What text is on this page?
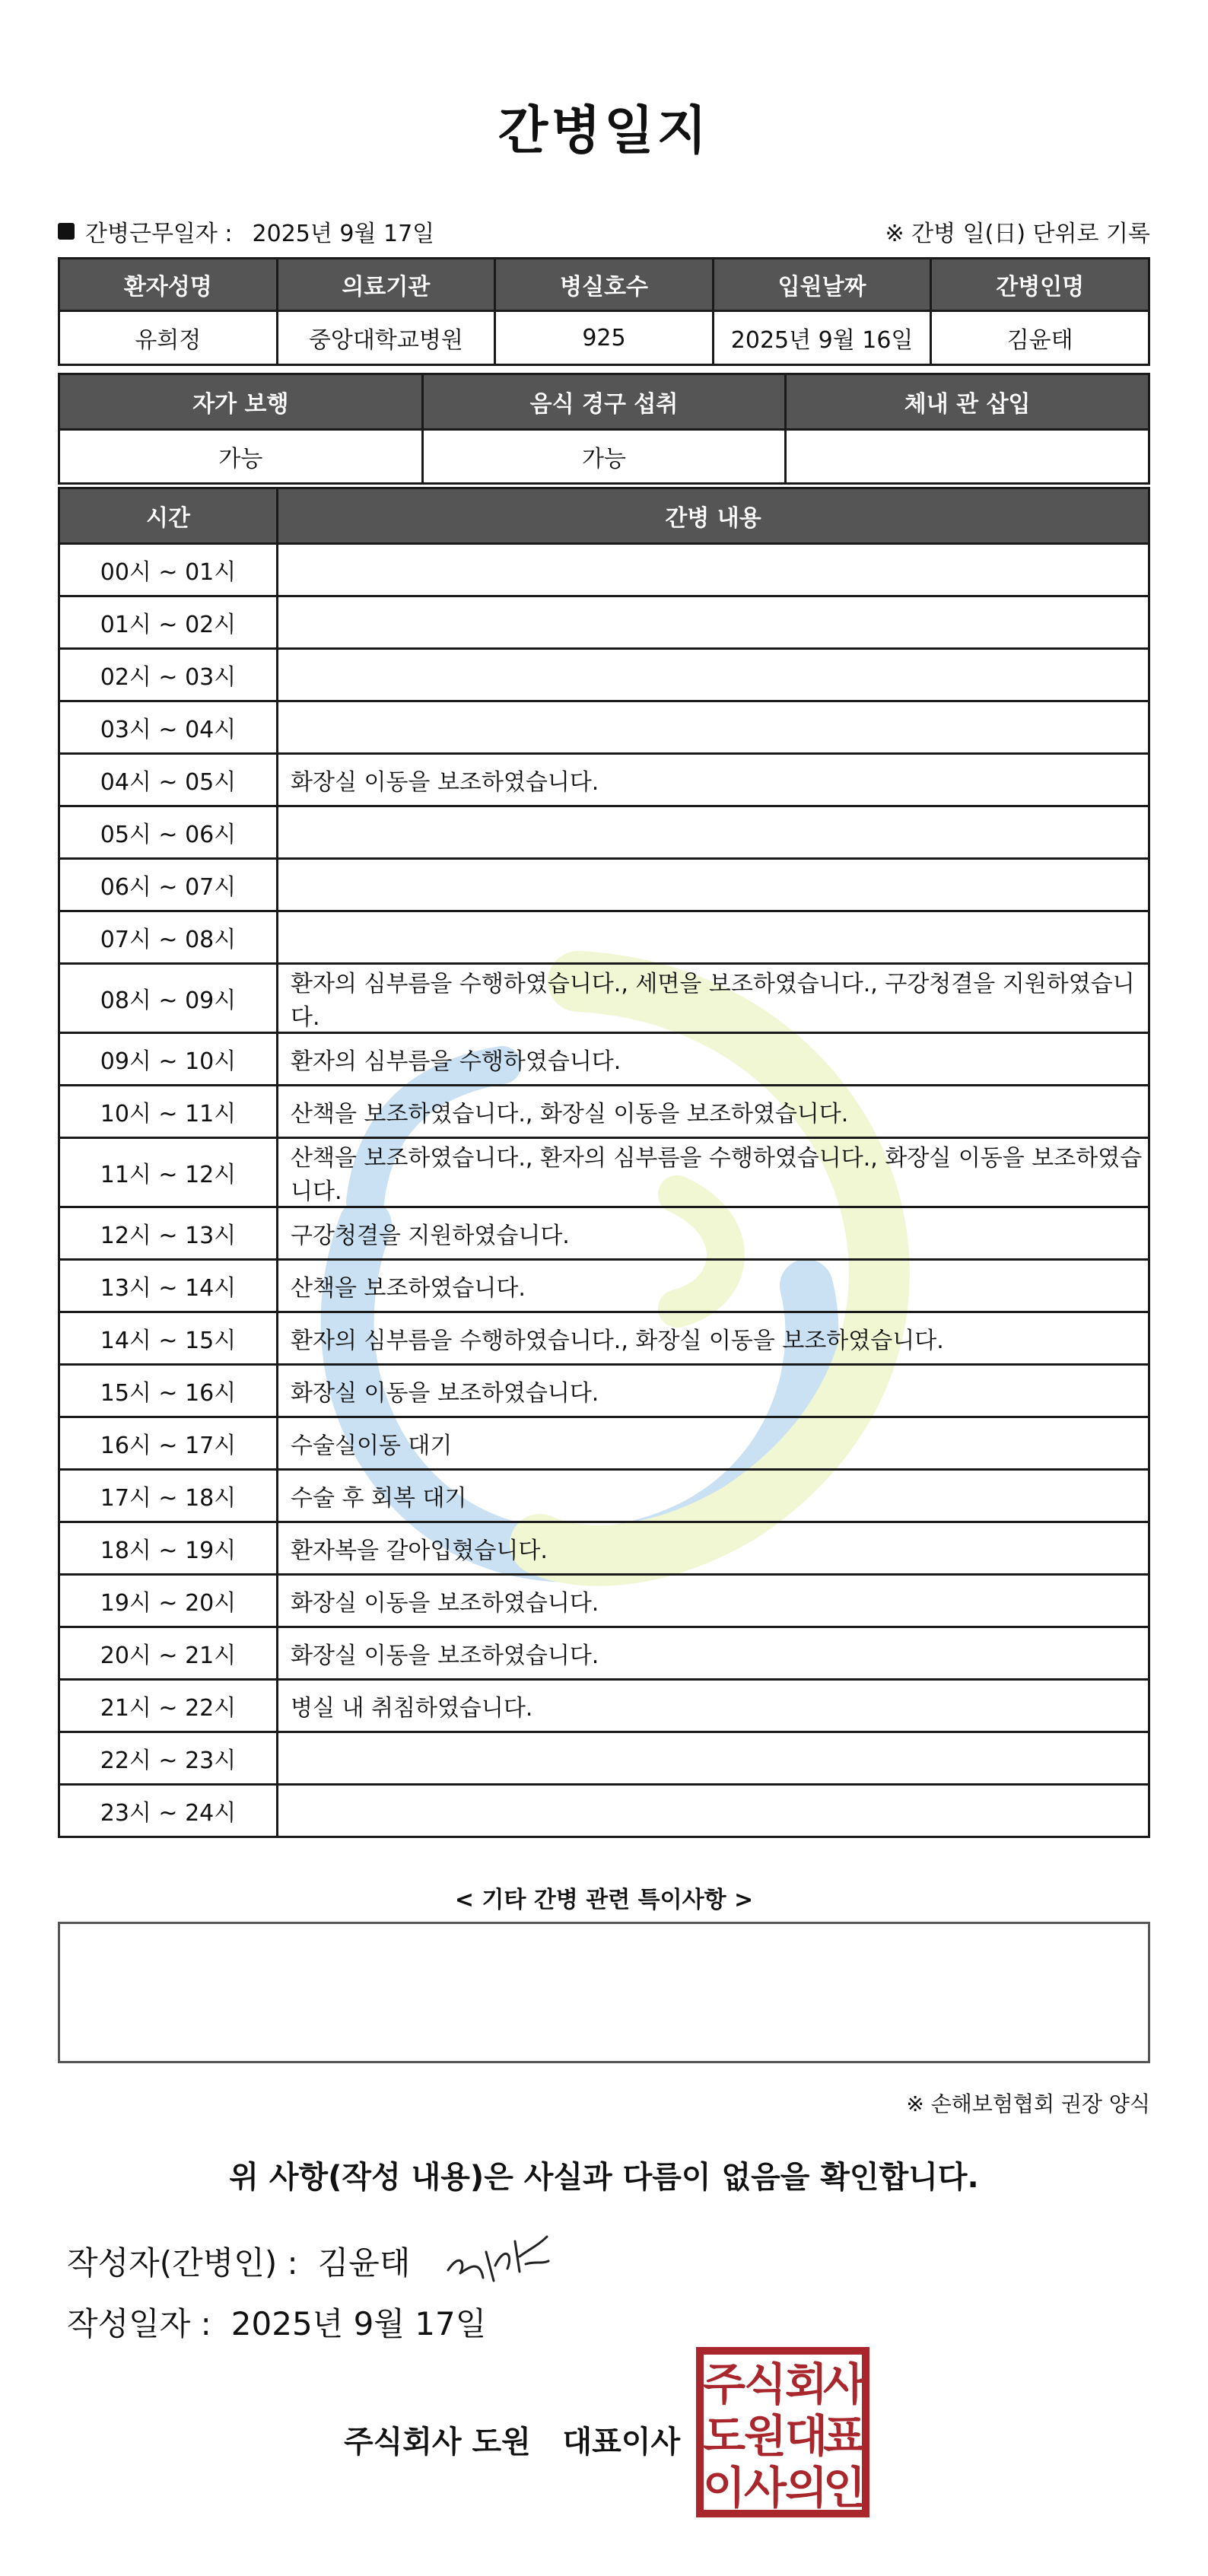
간병일지
간병근무일자 : 2025년 9월 17일	※ 간병 일(日) 단위로 기록
환자성명	의료기관	병실호수	입원날짜	간병인명
유희정	중앙대학교병원	925	2025년 9월 16일	김윤태
자가 보행	음식 경구 섭취	체내 관 삽입
가능	가능	
시간	간병 내용
00시 ~ 01시	
01시 ~ 02시	
02시 ~ 03시	
03시 ~ 04시	
04시 ~ 05시	화장실 이동을 보조하였습니다.
05시 ~ 06시	
06시 ~ 07시	
07시 ~ 08시	
08시 ~ 09시	환자의 심부름을 수행하였습니다., 세면을 보조하였습니다., 구강청결을 지원하였습니다.
09시 ~ 10시	환자의 심부름을 수행하였습니다.
10시 ~ 11시	산책을 보조하였습니다., 화장실 이동을 보조하였습니다.
11시 ~ 12시	산책을 보조하였습니다., 환자의 심부름을 수행하였습니다., 화장실 이동을 보조하였습니다.
12시 ~ 13시	구강청결을 지원하였습니다.
13시 ~ 14시	산책을 보조하였습니다.
14시 ~ 15시	환자의 심부름을 수행하였습니다., 화장실 이동을 보조하였습니다.
15시 ~ 16시	화장실 이동을 보조하였습니다.
16시 ~ 17시	수술실이동 대기
17시 ~ 18시	수술 후 회복 대기
18시 ~ 19시	환자복을 갈아입혔습니다.
19시 ~ 20시	화장실 이동을 보조하였습니다.
20시 ~ 21시	화장실 이동을 보조하였습니다.
21시 ~ 22시	병실 내 취침하였습니다.
22시 ~ 23시	
23시 ~ 24시	
< 기타 간병 관련 특이사항 >
※ 손해보험협회 권장 양식
위 사항(작성 내용)은 사실과 다름이 없음을 확인합니다.
작성자(간병인) : 김윤태
작성일자 : 2025년 9월 17일
주식회사 도원   대표이사
주
식
회
사
도
원
대
표
이
사
의
인
